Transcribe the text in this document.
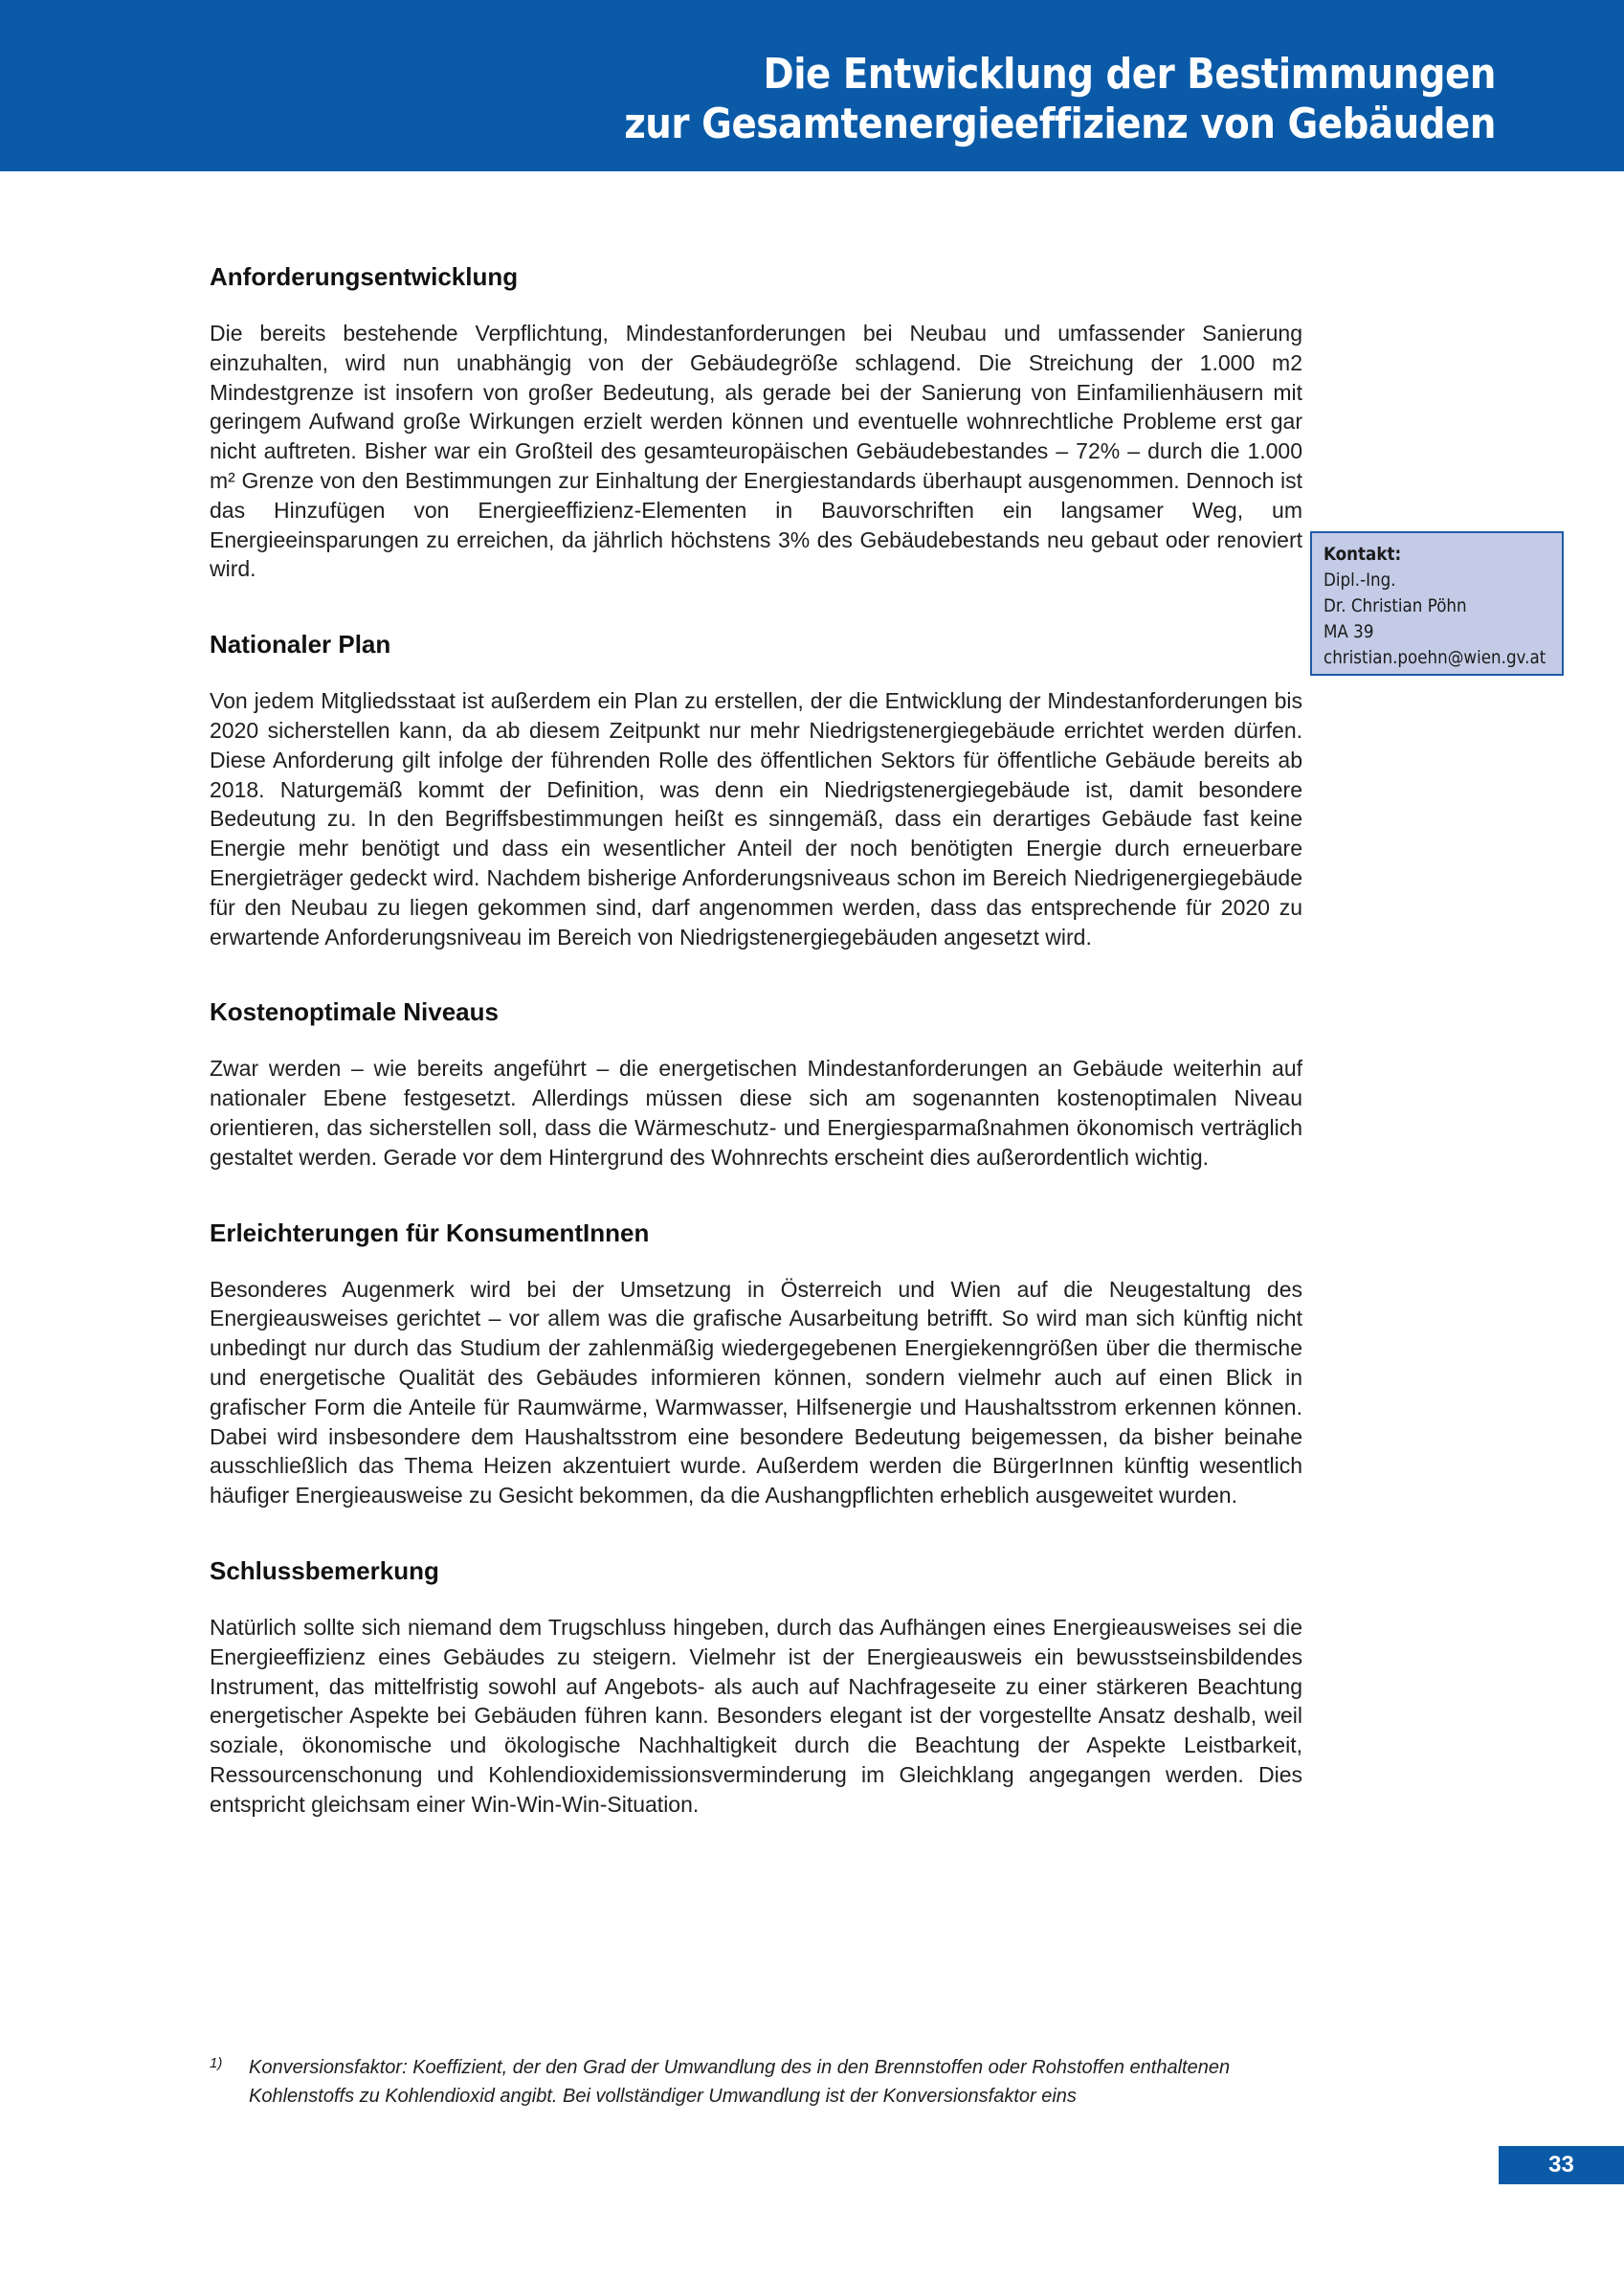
Die Entwicklung der Bestimmungen
zur Gesamtenergieeffizienz von Gebäuden
Anforderungsentwicklung

Die bereits bestehende Verpflichtung, Mindestanforderungen bei Neubau und umfassender Sanierung einzuhalten, wird nun unabhängig von der Gebäudegröße schlagend. Die Streichung der 1.000 m2 Mindestgrenze ist insofern von großer Bedeutung, als gerade bei der Sanierung von Einfamilienhäusern mit geringem Aufwand große Wirkungen erzielt werden können und eventuelle wohnrechtliche Probleme erst gar nicht auftreten. Bisher war ein Großteil des gesamteuropäischen Gebäudebestandes – 72% – durch die 1.000 m² Grenze von den Bestimmungen zur Einhaltung der Energiestandards überhaupt ausgenommen. Dennoch ist das Hinzufügen von Energieeffizienz-Elementen in Bauvorschriften ein langsamer Weg, um Energieeinsparungen zu erreichen, da jährlich höchstens 3% des Gebäudebestands neu gebaut oder renoviert wird.

Nationaler Plan

Von jedem Mitgliedsstaat ist außerdem ein Plan zu erstellen, der die Entwicklung der Mindestanforderungen bis 2020 sicherstellen kann, da ab diesem Zeitpunkt nur mehr Niedrigstenergiegebäude errichtet werden dürfen. Diese Anforderung gilt infolge der führenden Rolle des öffentlichen Sektors für öffentliche Gebäude bereits ab 2018. Naturgemäß kommt der Definition, was denn ein Niedrigstenergiegebäude ist, damit besondere Bedeutung zu. In den Begriffsbestimmungen heißt es sinngemäß, dass ein derartiges Gebäude fast keine Energie mehr benötigt und dass ein wesentlicher Anteil der noch benötigten Energie durch erneuerbare Energieträger gedeckt wird. Nachdem bisherige Anforderungsniveaus schon im Bereich Niedrigenergiegebäude für den Neubau zu liegen gekommen sind, darf angenommen werden, dass das entsprechende für 2020 zu erwartende Anforderungsniveau im Bereich von Niedrigstenergiegebäuden angesetzt wird.

Kostenoptimale Niveaus

Zwar werden – wie bereits angeführt – die energetischen Mindestanforderungen an Gebäude weiterhin auf nationaler Ebene festgesetzt. Allerdings müssen diese sich am sogenannten kostenoptimalen Niveau orientieren, das sicherstellen soll, dass die Wärmeschutz- und Energiesparmaßnahmen ökonomisch verträglich gestaltet werden. Gerade vor dem Hintergrund des Wohnrechts erscheint dies außerordentlich wichtig.

Erleichterungen für KonsumentInnen

Besonderes Augenmerk wird bei der Umsetzung in Österreich und Wien auf die Neugestaltung des Energieausweises gerichtet – vor allem was die grafische Ausarbeitung betrifft. So wird man sich künftig nicht unbedingt nur durch das Studium der zahlenmäßig wiedergegebenen Energiekenngrößen über die thermische und energetische Qualität des Gebäudes informieren können, sondern vielmehr auch auf einen Blick in grafischer Form die Anteile für Raumwärme, Warmwasser, Hilfsenergie und Haushaltsstrom erkennen können. Dabei wird insbesondere dem Haushaltsstrom eine besondere Bedeutung beigemessen, da bisher beinahe ausschließlich das Thema Heizen akzentuiert wurde. Außerdem werden die BürgerInnen künftig wesentlich häufiger Energieausweise zu Gesicht bekommen, da die Aushangpflichten erheblich ausgeweitet wurden.

Schlussbemerkung

Natürlich sollte sich niemand dem Trugschluss hingeben, durch das Aufhängen eines Energieausweises sei die Energieeffizienz eines Gebäudes zu steigern. Vielmehr ist der Energieausweis ein bewusstseinsbildendes Instrument, das mittelfristig sowohl auf Angebots- als auch auf Nachfrageseite zu einer stärkeren Beachtung energetischer Aspekte bei Gebäuden führen kann. Besonders elegant ist der vorgestellte Ansatz deshalb, weil soziale, ökonomische und ökologische Nachhaltigkeit durch die Beachtung der Aspekte Leistbarkeit, Ressourcenschonung und Kohlendioxidemissionsverminderung im Gleichklang angegangen werden. Dies entspricht gleichsam einer Win-Win-Win-Situation.

1) Konversionsfaktor: Koeffizient, der den Grad der Umwandlung des in den Brennstoffen oder Rohstoffen enthaltenen Kohlenstoffs zu Kohlendioxid angibt. Bei vollständiger Umwandlung ist der Konversionsfaktor eins
Kontakt:
Dipl.-Ing.
Dr. Christian Pöhn
MA 39
christian.poehn@wien.gv.at
33
